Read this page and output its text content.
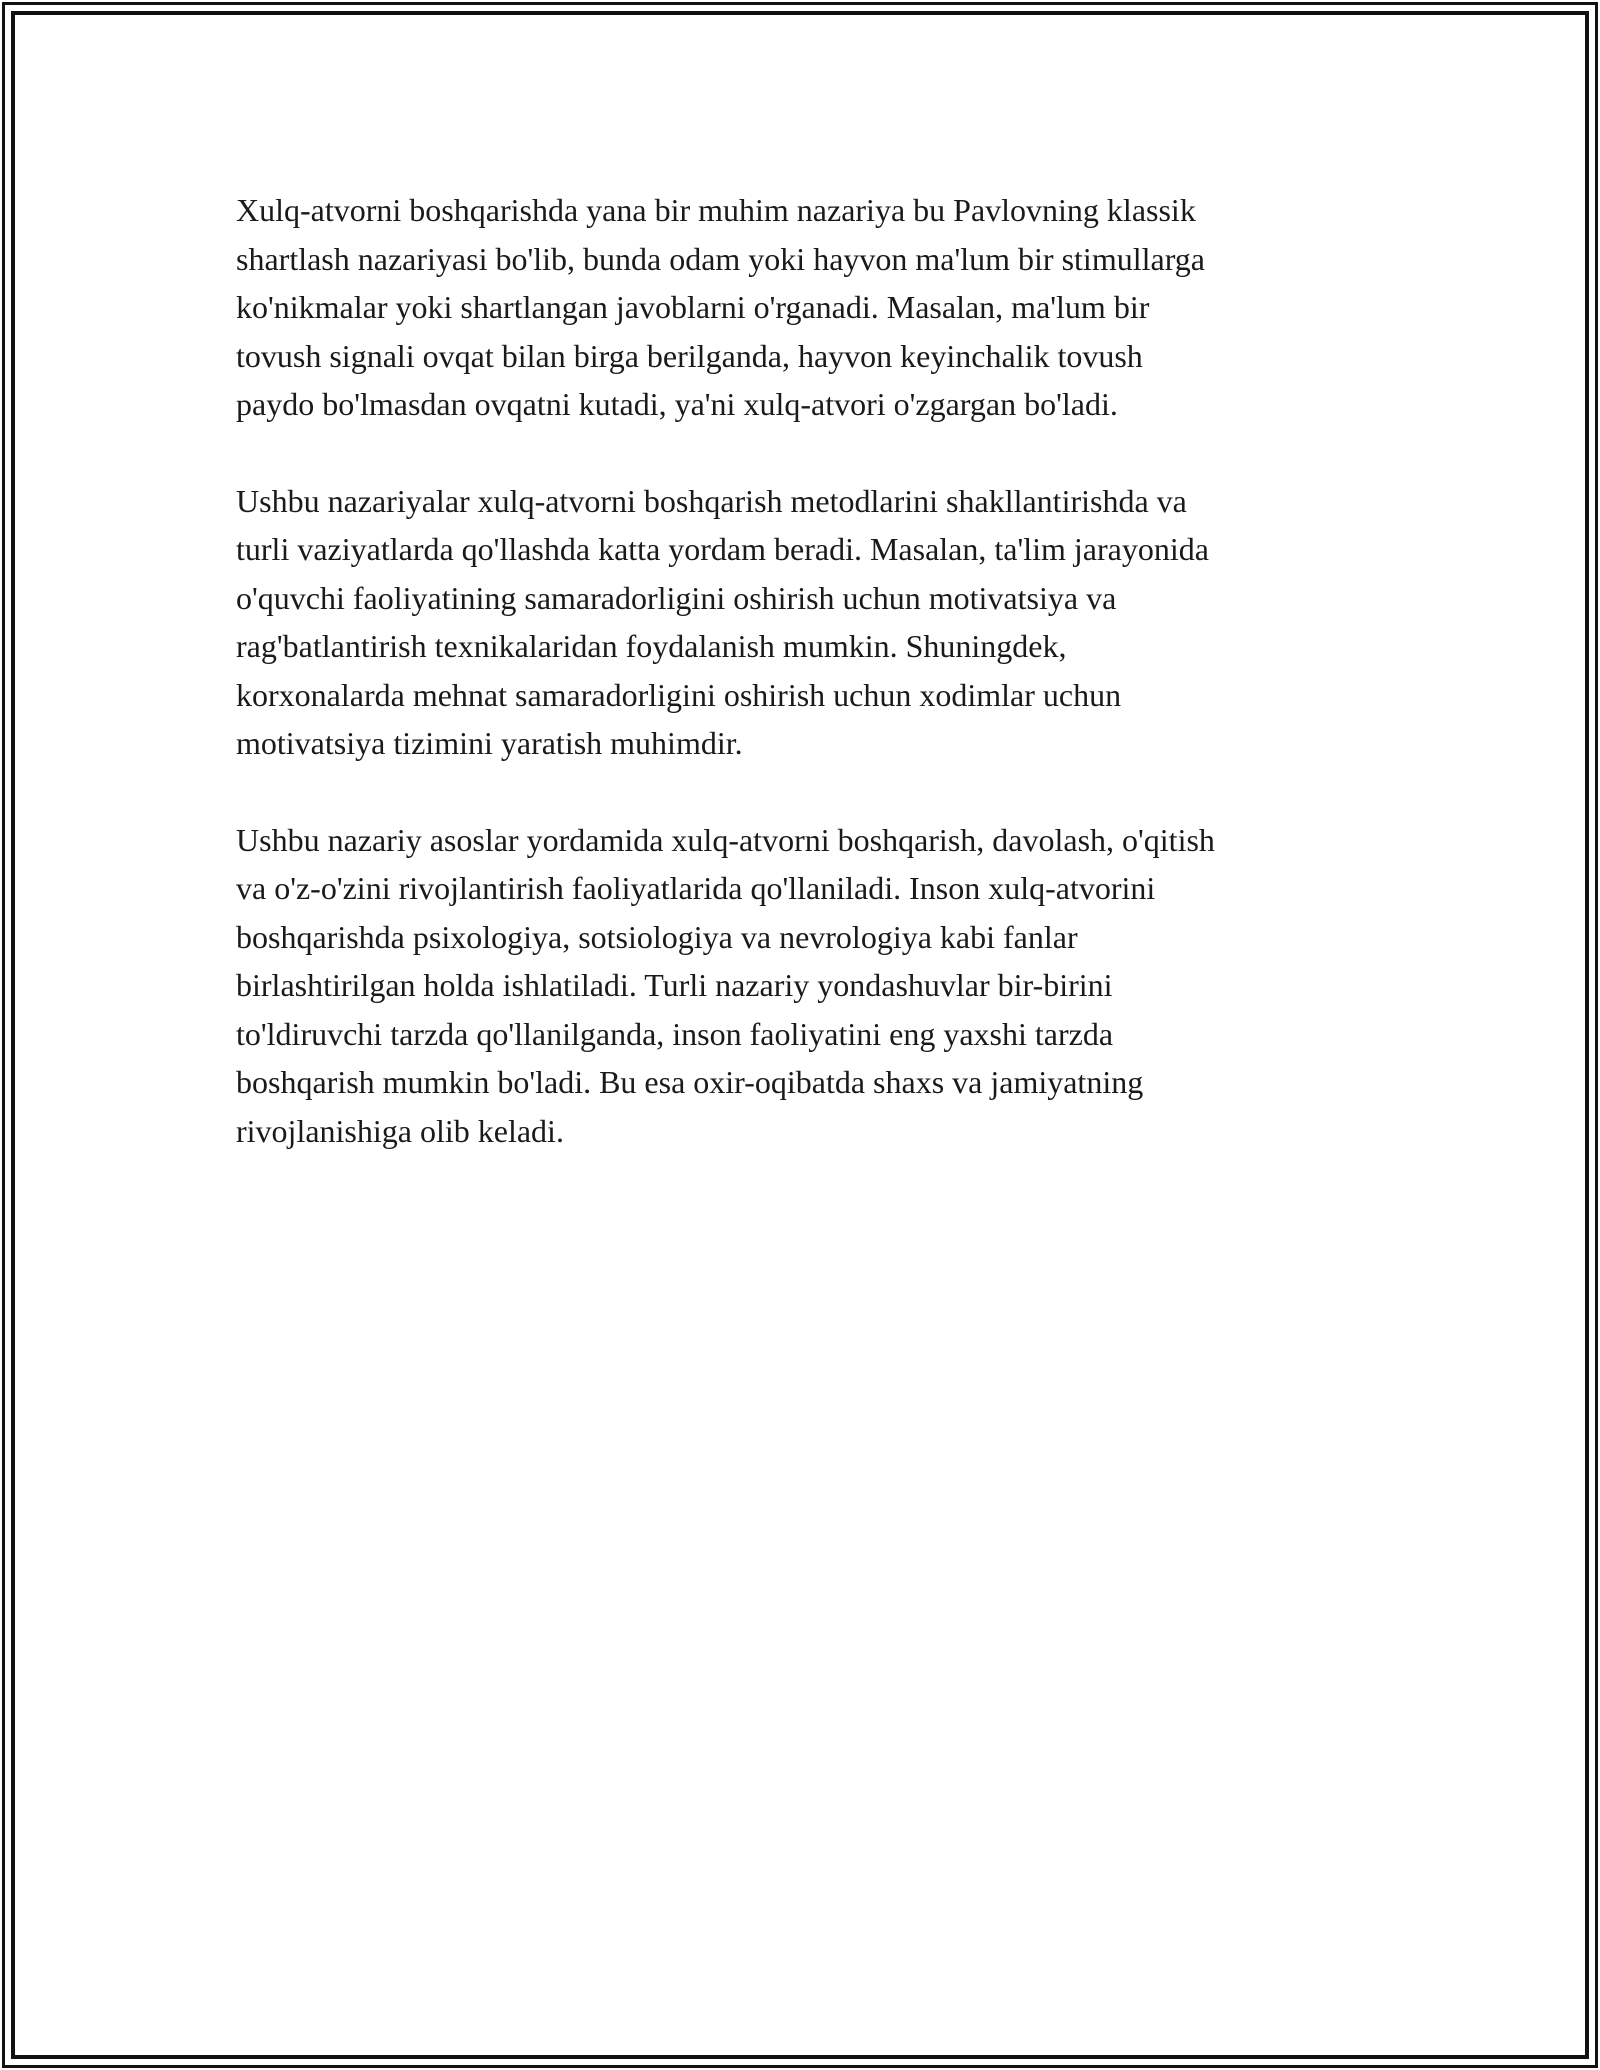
Xulq-atvorni boshqarishda yana bir muhim nazariya bu Pavlovning klassik
shartlash nazariyasi bo'lib, bunda odam yoki hayvon ma'lum bir stimullarga
ko'nikmalar yoki shartlangan javoblarni o'rganadi. Masalan, ma'lum bir
tovush signali ovqat bilan birga berilganda, hayvon keyinchalik tovush
paydo bo'lmasdan ovqatni kutadi, ya'ni xulq-atvori o'zgargan bo'ladi.

Ushbu nazariyalar xulq-atvorni boshqarish metodlarini shakllantirishda va
turli vaziyatlarda qo'llashda katta yordam beradi. Masalan, ta'lim jarayonida
o'quvchi faoliyatining samaradorligini oshirish uchun motivatsiya va
rag'batlantirish texnikalaridan foydalanish mumkin. Shuningdek,
korxonalarda mehnat samaradorligini oshirish uchun xodimlar uchun
motivatsiya tizimini yaratish muhimdir.

Ushbu nazariy asoslar yordamida xulq-atvorni boshqarish, davolash, o'qitish
va o'z-o'zini rivojlantirish faoliyatlarida qo'llaniladi. Inson xulq-atvorini
boshqarishda psixologiya, sotsiologiya va nevrologiya kabi fanlar
birlashtirilgan holda ishlatiladi. Turli nazariy yondashuvlar bir-birini
to'ldiruvchi tarzda qo'llanilganda, inson faoliyatini eng yaxshi tarzda
boshqarish mumkin bo'ladi. Bu esa oxir-oqibatda shaxs va jamiyatning
rivojlanishiga olib keladi.
